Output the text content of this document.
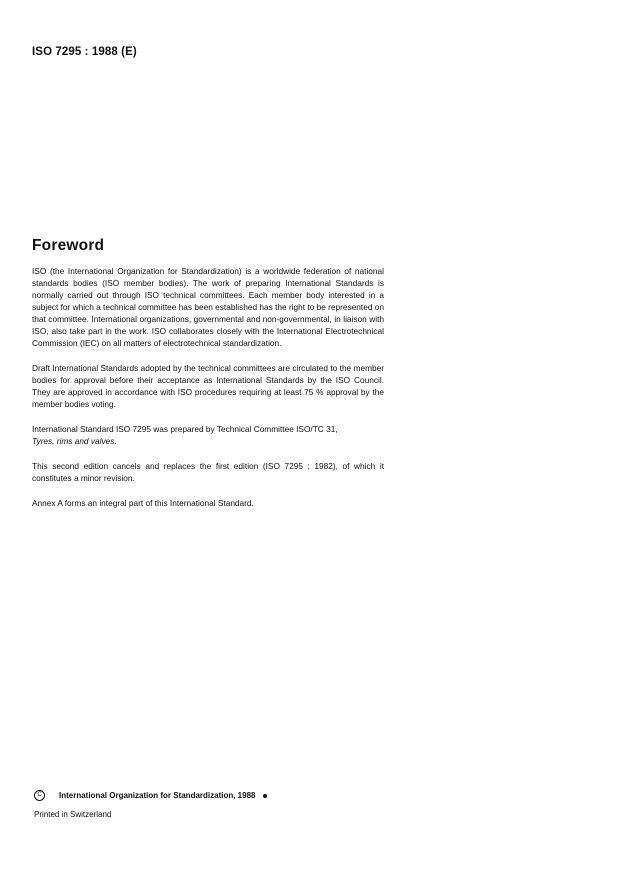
ISO 7295 : 1988 (E)
Foreword

ISO (the International Organization for Standardization) is a worldwide federation of national standards bodies (ISO member bodies). The work of preparing International Standards is normally carried out through ISO technical committees. Each member body interested in a subject for which a technical committee has been established has the right to be represented on that committee. International organizations, governmental and non-governmental, in liaison with ISO, also take part in the work. ISO collaborates closely with the International Electrotechnical Commission (IEC) on all matters of electrotechnical standardization.

Draft International Standards adopted by the technical committees are circulated to the member bodies for approval before their acceptance as International Standards by the ISO Council. They are approved in accordance with ISO procedures requiring at least 75 % approval by the member bodies voting.

International Standard ISO 7295 was prepared by Technical Committee ISO/TC 31,
Tyres, rims and valves.

This second edition cancels and replaces the first edition (ISO 7295 : 1982), of which it constitutes a minor revision.

Annex A forms an integral part of this International Standard.

C	International Organization for Standardization, 1988
Printed in Switzerland
